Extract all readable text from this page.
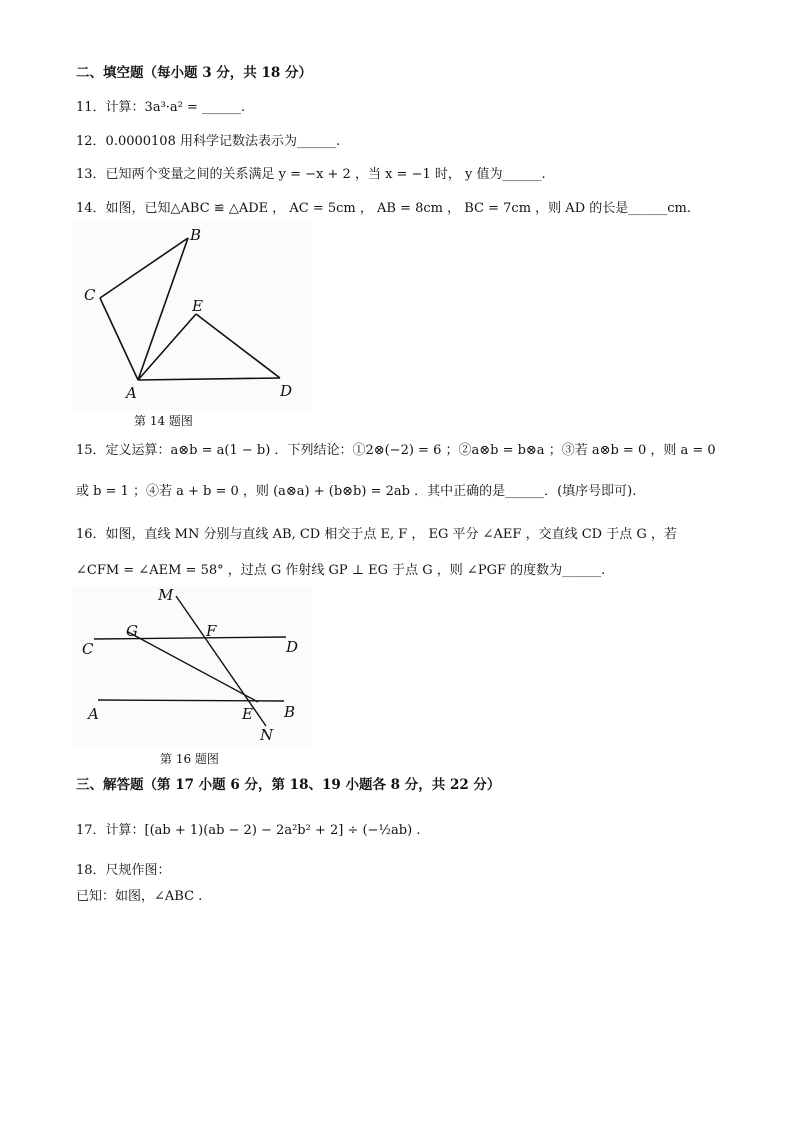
二、填空题（每小题 3 分，共 18 分）
11．计算：3a³·a² = ______.
12．0.0000108 用科学记数法表示为______.
13．已知两个变量之间的关系满足 y = −x + 2 ，当 x = −1 时， y 值为______.
14．如图，已知△ABC ≌ △ADE ， AC = 5cm ， AB = 8cm ， BC = 7cm ，则 AD 的长是______cm.
B
C
E
A	D
第 14 题图
15．定义运算：a⊗b = a(1 − b) ．下列结论：①2⊗(−2) = 6 ；②a⊗b = b⊗a ；③若 a⊗b = 0 ，则 a = 0
或 b = 1 ；④若 a + b = 0 ，则 (a⊗a) + (b⊗b) = 2ab ．其中正确的是______．(填序号即可).
16．如图，直线 MN 分别与直线 AB, CD 相交于点 E, F ， EG 平分 ∠AEF ，交直线 CD 于点 G ，若
∠CFM = ∠AEM = 58° ，过点 G 作射线 GP ⊥ EG 于点 G ，则 ∠PGF 的度数为______.
M
G	F
C	D
A	E B
N
第 16 题图
三、解答题（第 17 小题 6 分，第 18、19 小题各 8 分，共 22 分）
17．计算：[(ab + 1)(ab − 2) − 2a²b² + 2] ÷ (−½ab) .
18．尺规作图：
已知：如图，∠ABC .
